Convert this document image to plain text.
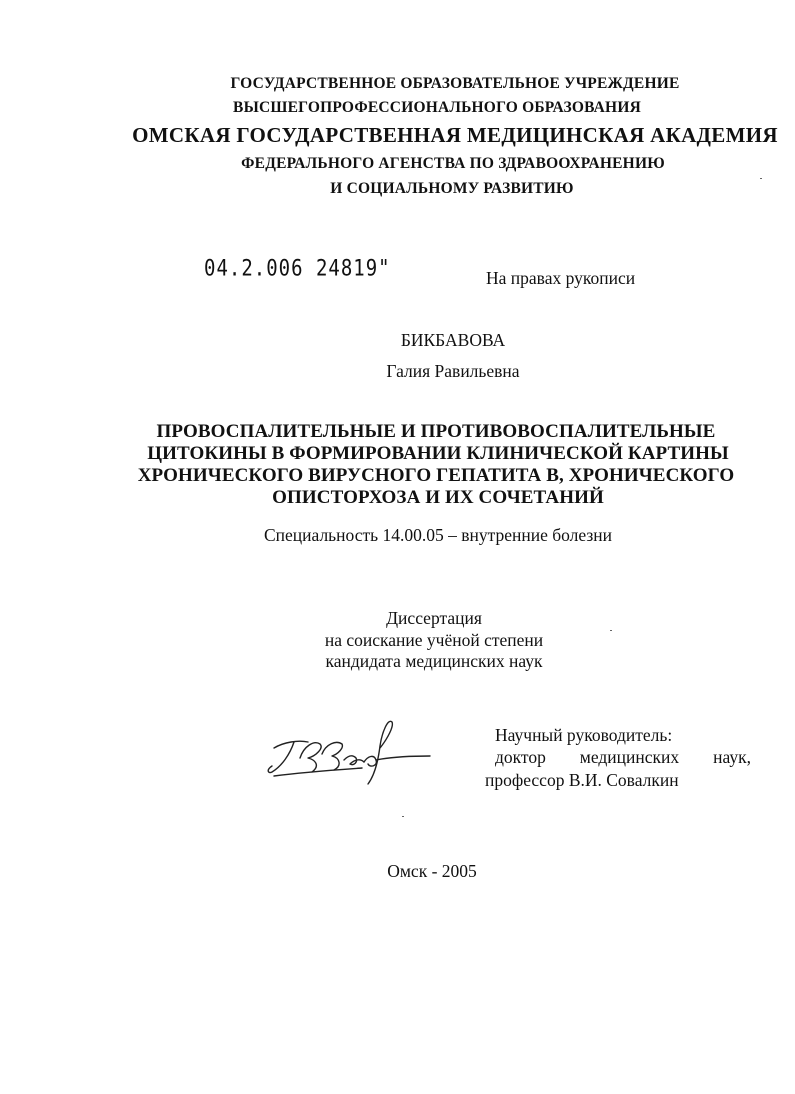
ГОСУДАРСТВЕННОЕ ОБРАЗОВАТЕЛЬНОЕ УЧРЕЖДЕНИЕ

ВЫСШЕГОПРОФЕССИОНАЛЬНОГО ОБРАЗОВАНИЯ

ОМСКАЯ ГОСУДАРСТВЕННАЯ МЕДИЦИНСКАЯ АКАДЕМИЯ

ФЕДЕРАЛЬНОГО АГЕНСТВА ПО ЗДРАВООХРАНЕНИЮ

И СОЦИАЛЬНОМУ РАЗВИТИЮ

04.2.006 24819"	На правах рукописи

БИКБАВОВА

Галия Равильевна

ПРОВОСПАЛИТЕЛЬНЫЕ И ПРОТИВОВОСПАЛИТЕЛЬНЫЕ

ЦИТОКИНЫ В ФОРМИРОВАНИИ КЛИНИЧЕСКОЙ КАРТИНЫ

ХРОНИЧЕСКОГО ВИРУСНОГО ГЕПАТИТА В, ХРОНИЧЕСКОГО

ОПИСТОРХОЗА И ИХ СОЧЕТАНИЙ

Специальность 14.00.05 – внутренние болезни

Диссертация

на соискание учёной степени

кандидата медицинских наук

Научный руководитель:

доктор медицинских наук,

профессор В.И. Совалкин

Омск - 2005
